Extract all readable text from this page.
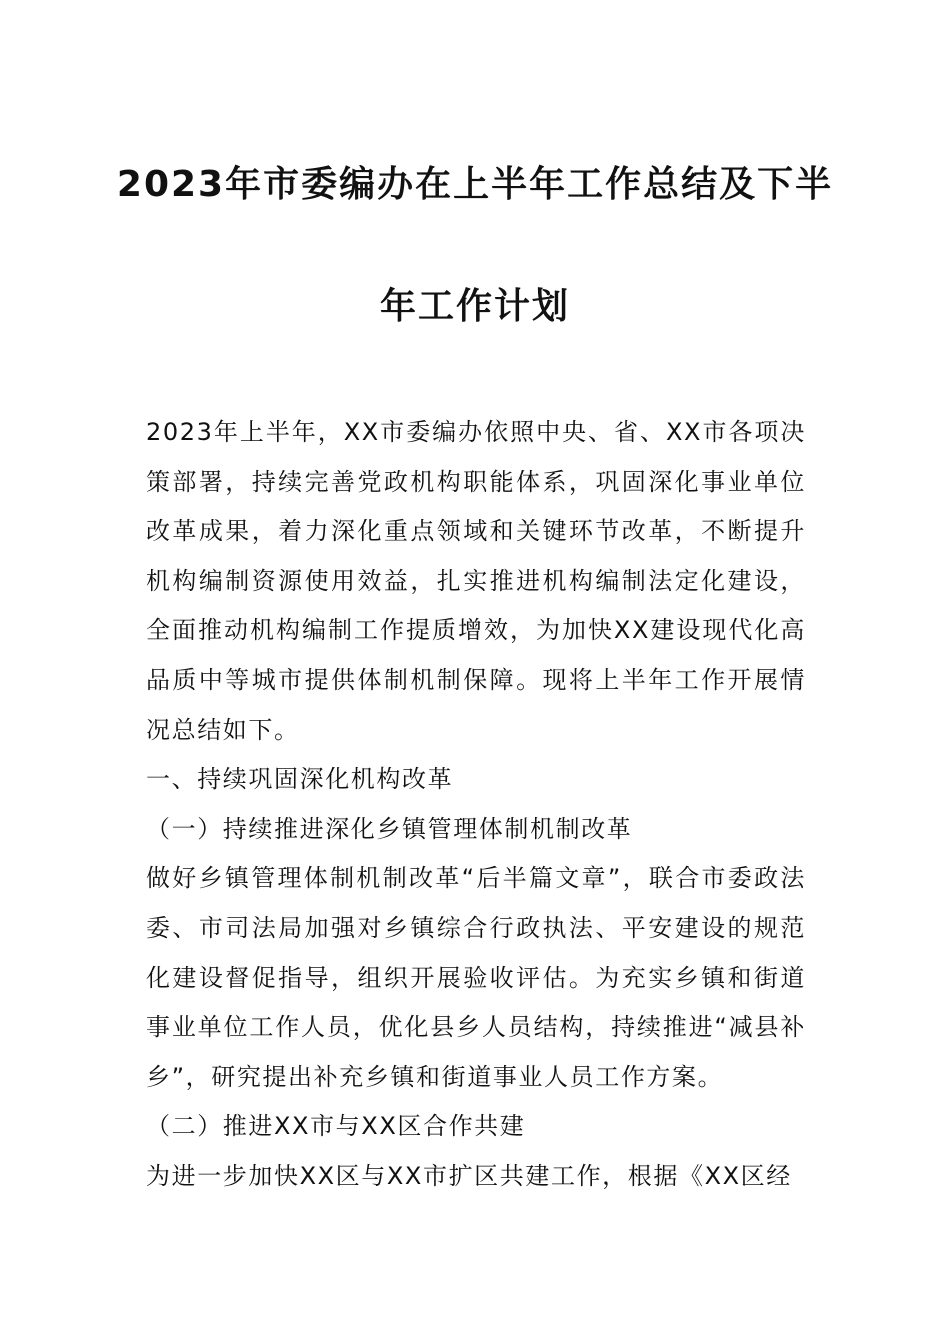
2023年市委编办在上半年工作总结及下半
年工作计划

2023年上半年，XX市委编办依照中央、省、XX市各项决策部署，持续完善党政机构职能体系，巩固深化事业单位改革成果，着力深化重点领域和关键环节改革，不断提升机构编制资源使用效益，扎实推进机构编制法定化建设，全面推动机构编制工作提质增效，为加快XX建设现代化高品质中等城市提供体制机制保障。现将上半年工作开展情况总结如下。

一、持续巩固深化机构改革

（一）持续推进深化乡镇管理体制机制改革

做好乡镇管理体制机制改革“后半篇文章”，联合市委政法委、市司法局加强对乡镇综合行政执法、平安建设的规范化建设督促指导，组织开展验收评估。为充实乡镇和街道事业单位工作人员，优化县乡人员结构，持续推进“减县补乡”，研究提出补充乡镇和街道事业人员工作方案。

（二）推进XX市与XX区合作共建

为进一步加快XX区与XX市扩区共建工作，根据《XX区经
